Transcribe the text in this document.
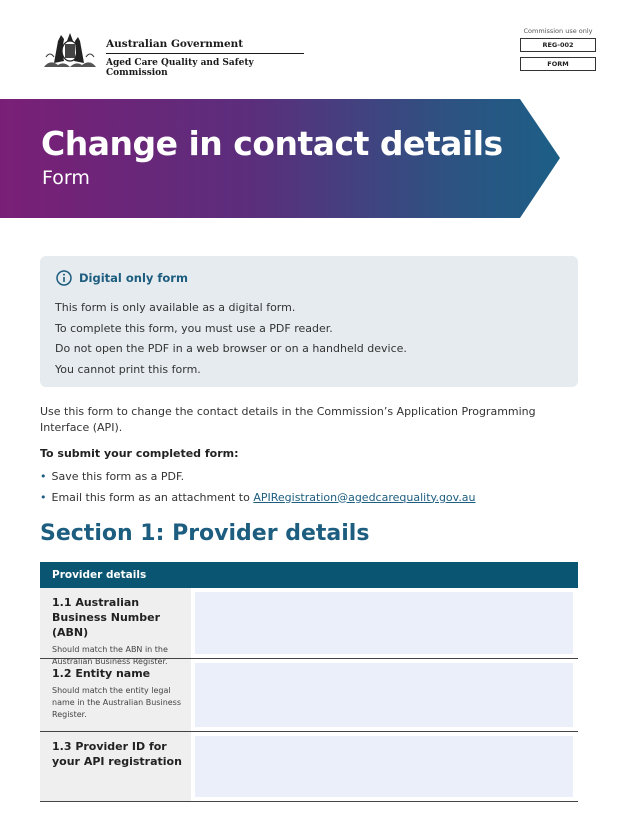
Australian Government
Aged Care Quality and Safety Commission
Commission use only
REG-002
FORM
Change in contact details
Form
Digital only form
This form is only available as a digital form.
To complete this form, you must use a PDF reader.
Do not open the PDF in a web browser or on a handheld device.
You cannot print this form.
Use this form to change the contact details in the Commission’s Application Programming Interface (API).
To submit your completed form:
• Save this form as a PDF.
• Email this form as an attachment to APIRegistration@agedcarequality.gov.au
Section 1: Provider details
Provider details
1.1 Australian Business Number (ABN)
Should match the ABN in the Australian Business Register.
1.2 Entity name
Should match the entity legal name in the Australian Business Register.
1.3 Provider ID for your API registration
